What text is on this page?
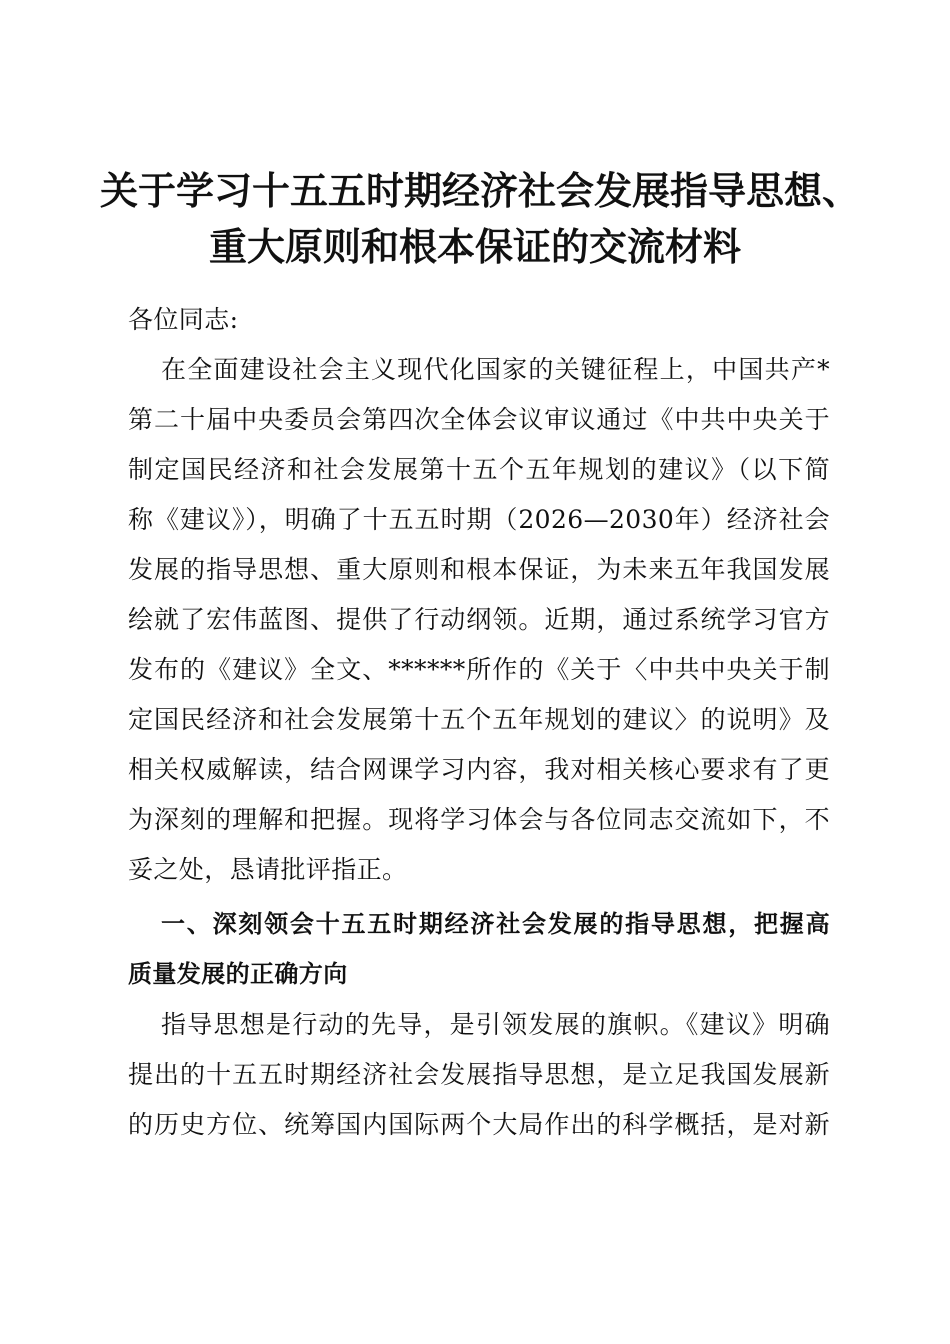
关于学习十五五时期经济社会发展指导思想、
重大原则和根本保证的交流材料

各位同志:

在全面建设社会主义现代化国家的关键征程上，中国共产*

第二十届中央委员会第四次全体会议审议通过《中共中央关于

制定国民经济和社会发展第十五个五年规划的建议》（以下简

称《建议》），明确了十五五时期（2026—2030年）经济社会

发展的指导思想、重大原则和根本保证，为未来五年我国发展

绘就了宏伟蓝图、提供了行动纲领。近期，通过系统学习官方

发布的《建议》全文、******所作的《关于〈中共中央关于制

定国民经济和社会发展第十五个五年规划的建议〉的说明》及

相关权威解读，结合网课学习内容，我对相关核心要求有了更

为深刻的理解和把握。现将学习体会与各位同志交流如下，不

妥之处，恳请批评指正。

一、深刻领会十五五时期经济社会发展的指导思想，把握高

质量发展的正确方向

指导思想是行动的先导，是引领发展的旗帜。《建议》明确

提出的十五五时期经济社会发展指导思想，是立足我国发展新

的历史方位、统筹国内国际两个大局作出的科学概括，是对新
